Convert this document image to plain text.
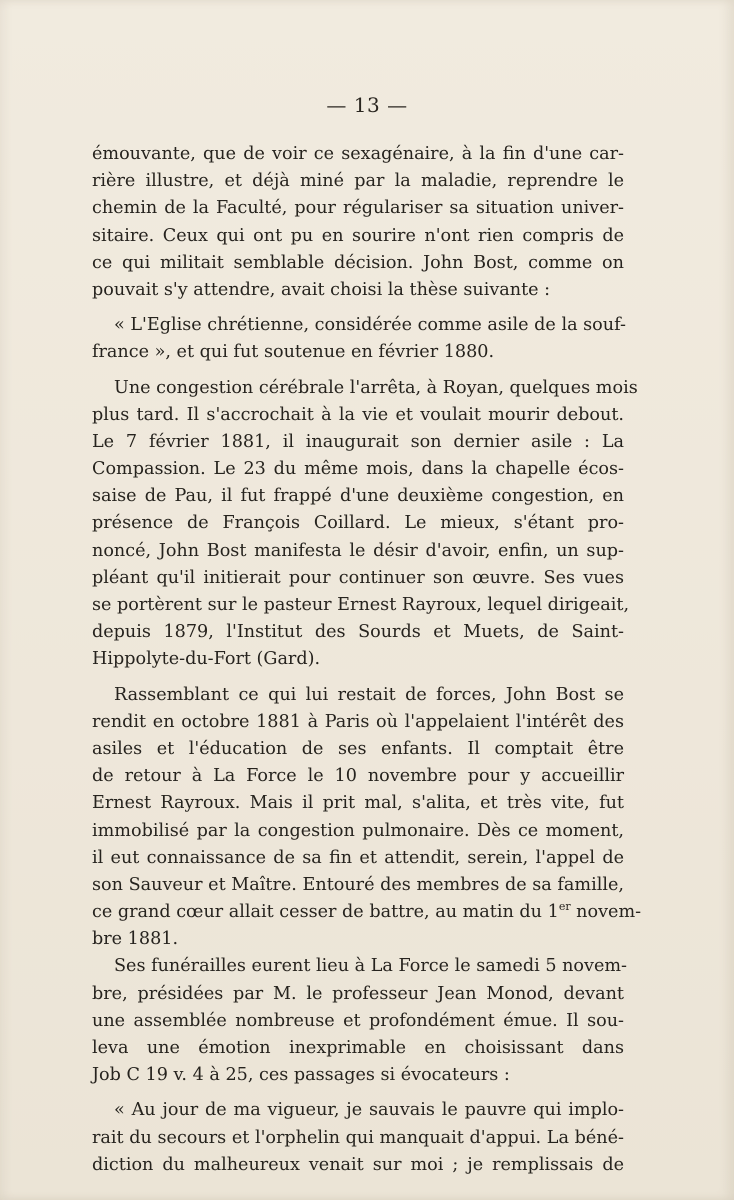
— 13 —
émouvante, que de voir ce sexagénaire, à la fin d'une car-
rière illustre, et déjà miné par la maladie, reprendre le
chemin de la Faculté, pour régulariser sa situation univer-
sitaire. Ceux qui ont pu en sourire n'ont rien compris de
ce qui militait semblable décision. John Bost, comme on
pouvait s'y attendre, avait choisi la thèse suivante :
« L'Eglise chrétienne, considérée comme asile de la souf-
france », et qui fut soutenue en février 1880.
Une congestion cérébrale l'arrêta, à Royan, quelques mois
plus tard. Il s'accrochait à la vie et voulait mourir debout.
Le 7 février 1881, il inaugurait son dernier asile : La
Compassion. Le 23 du même mois, dans la chapelle écos-
saise de Pau, il fut frappé d'une deuxième congestion, en
présence de François Coillard. Le mieux, s'étant pro-
noncé, John Bost manifesta le désir d'avoir, enfin, un sup-
pléant qu'il initierait pour continuer son œuvre. Ses vues
se portèrent sur le pasteur Ernest Rayroux, lequel dirigeait,
depuis 1879, l'Institut des Sourds et Muets, de Saint-
Hippolyte-du-Fort (Gard).
Rassemblant ce qui lui restait de forces, John Bost se
rendit en octobre 1881 à Paris où l'appelaient l'intérêt des
asiles et l'éducation de ses enfants. Il comptait être
de retour à La Force le 10 novembre pour y accueillir
Ernest Rayroux. Mais il prit mal, s'alita, et très vite, fut
immobilisé par la congestion pulmonaire. Dès ce moment,
il eut connaissance de sa fin et attendit, serein, l'appel de
son Sauveur et Maître. Entouré des membres de sa famille,
ce grand cœur allait cesser de battre, au matin du 1er novem-
bre 1881.
Ses funérailles eurent lieu à La Force le samedi 5 novem-
bre, présidées par M. le professeur Jean Monod, devant
une assemblée nombreuse et profondément émue. Il sou-
leva une émotion inexprimable en choisissant dans
Job C 19 v. 4 à 25, ces passages si évocateurs :
« Au jour de ma vigueur, je sauvais le pauvre qui implo-
rait du secours et l'orphelin qui manquait d'appui. La béné-
diction du malheureux venait sur moi ; je remplissais de
